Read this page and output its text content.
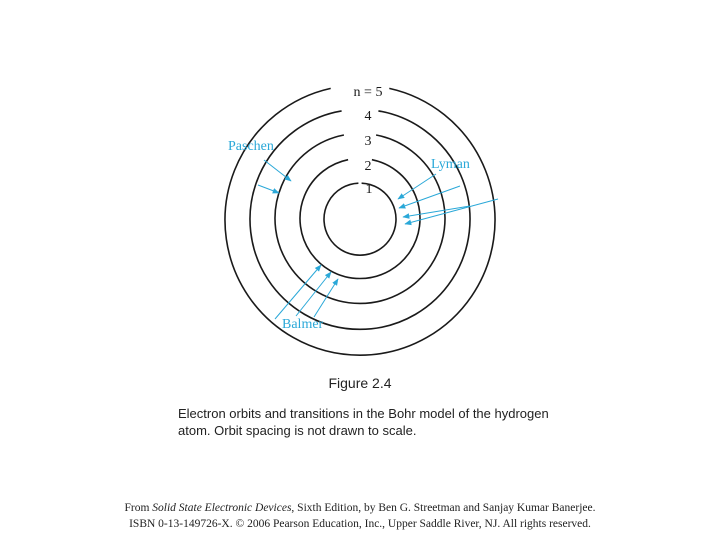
1
2
3
4
n = 5
Paschen
Lyman
Balmer
Figure 2.4
Electron orbits and transitions in the Bohr model of the hydrogen
atom. Orbit spacing is not drawn to scale.
From Solid State Electronic Devices, Sixth Edition, by Ben G. Streetman and Sanjay Kumar Banerjee.
ISBN 0-13-149726-X. © 2006 Pearson Education, Inc., Upper Saddle River, NJ. All rights reserved.
